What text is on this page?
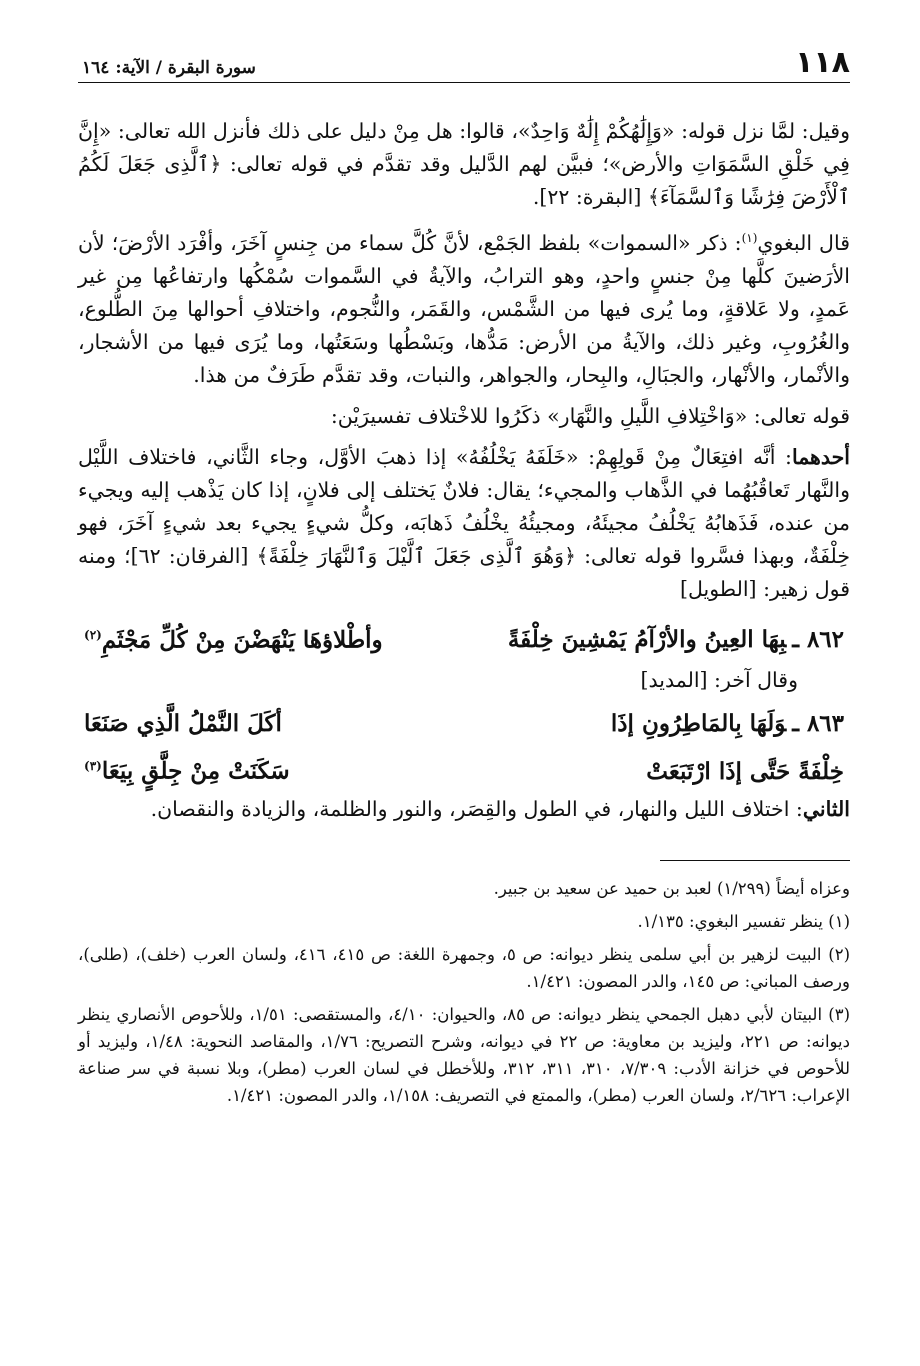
١١٨
سورة البقرة / الآية: ١٦٤

وقيل: لمَّا نزل قوله: «وَإِلَٰهُكُمْ إِلَٰهٌ وَاحِدٌ»، قالوا: هل مِنْ دليل على ذلك فأنزل الله تعالى: «إِنَّ فِي خَلْقِ السَّمَوَاتِ والأرض»؛ فبيَّن لهم الدَّليل وقد تقدَّم في قوله تعالى: ﴿ٱلَّذِى جَعَلَ لَكُمُ ٱلْأَرْضَ فِرَٰشًا وَٱلسَّمَآءَ﴾ [البقرة: ٢٢].

قال البغوي$^{(١)}$: ذكر «السموات» بلفظ الجَمْع، لأنَّ كُلَّ سماء من جِنسٍ آخَرَ، وأفْرَد الأرْضَ؛ لأن الأرَضينَ كلَّها مِنْ جنسٍ واحدٍ، وهو الترابُ، والآيةُ في السَّموات سُمْكُها وارتفاعُها مِن غير عَمدٍ، ولا عَلاقةٍ، وما يُرى فيها من الشَّمْس، والقَمَر، والنُّجوم، واختلافِ أحوالها مِنَ الطُّلوع، والغُرُوبِ، وغير ذلك، والآيةُ من الأرض: مَدُّها، وبَسْطُها وسَعَتُها، وما يُرَى فيها من الأشجار، والأنْمار، والأنْهار، والجبَالِ، والبِحار، والجواهر، والنبات، وقد تقدَّم طَرَفٌ من هذا.

قوله تعالى: «وَاخْتِلافِ اللَّيلِ والنَّهَار» ذكَرُوا للاخْتلاف تفسيرَيْن:

أحدهما: أنَّه افتِعَالٌ مِنْ قَولِهِمْ: «خَلَفَهُ يَخْلُفُهُ» إذا ذهبَ الأوَّل، وجاء الثَّاني، فاختلاف اللَّيْل والنَّهار تَعاقُبُهُما في الذَّهاب والمجيء؛ يقال: فلانٌ يَختلف إلى فلانٍ، إذا كان يَذْهب إليه ويجيء من عنده، فَذَهابُهُ يَخْلُفُ مجيئَهُ، ومجيئُهُ يخْلُفُ ذَهابَه، وكلُّ شيءٍ يجيء بعد شيءٍ آخَرَ، فهو خِلْفَةٌ، وبهذا فسَّروا قوله تعالى: ﴿وَهُوَ ٱلَّذِى جَعَلَ ٱلَّيْلَ وَٱلنَّهَارَ خِلْفَةً﴾ [الفرقان: ٦٢]؛ ومنه قول زهير: [الطويل]

٨٦٢ ـبِهَا العِينُ والأرْآمُ يَمْشِينَ خِلْفَةً
وأطْلاؤهَا يَنْهَضْنَ مِنْ كُلِّ مَجْثَمِ$^{(٢)}$
وقال آخر: [المديد]
٨٦٣ ـوَلَهَا بِالمَاطِرُونِ إذَا
أكَلَ النَّمْلُ الَّذِي صَنَعَا
خِلْفَةً حَتَّى إذَا ارْتَبَعَتْ
سَكَنَتْ مِنْ جِلَّقٍ بِيَعَا$^{(٣)}$

الثاني: اختلاف الليل والنهار، في الطول والقِصَر، والنور والظلمة، والزيادة والنقصان.

وعزاه أيضاً (١/٢٩٩) لعبد بن حميد عن سعيد بن جبير.

(١) ينظر تفسير البغوي: ١/١٣٥.

(٢) البيت لزهير بن أبي سلمى ينظر ديوانه: ص ٥، وجمهرة اللغة: ص ٤١٥، ٤١٦، ولسان العرب (خلف)، (طلى)، ورصف المباني: ص ١٤٥، والدر المصون: ١/٤٢١.

(٣) البيتان لأبي دهبل الجمحي ينظر ديوانه: ص ٨٥، والحيوان: ٤/١٠، والمستقصى: ١/٥١، وللأحوص الأنصاري ينظر ديوانه: ص ٢٢١، وليزيد بن معاوية: ص ٢٢ في ديوانه، وشرح التصريح: ١/٧٦، والمقاصد النحوية: ١/٤٨، وليزيد أو للأحوص في خزانة الأدب: ٧/٣٠٩، ٣١٠، ٣١١، ٣١٢، وللأخطل في لسان العرب (مطر)، وبلا نسبة في سر صناعة الإعراب: ٢/٦٢٦، ولسان العرب (مطر)، والممتع في التصريف: ١/١٥٨، والدر المصون: ١/٤٢١.
